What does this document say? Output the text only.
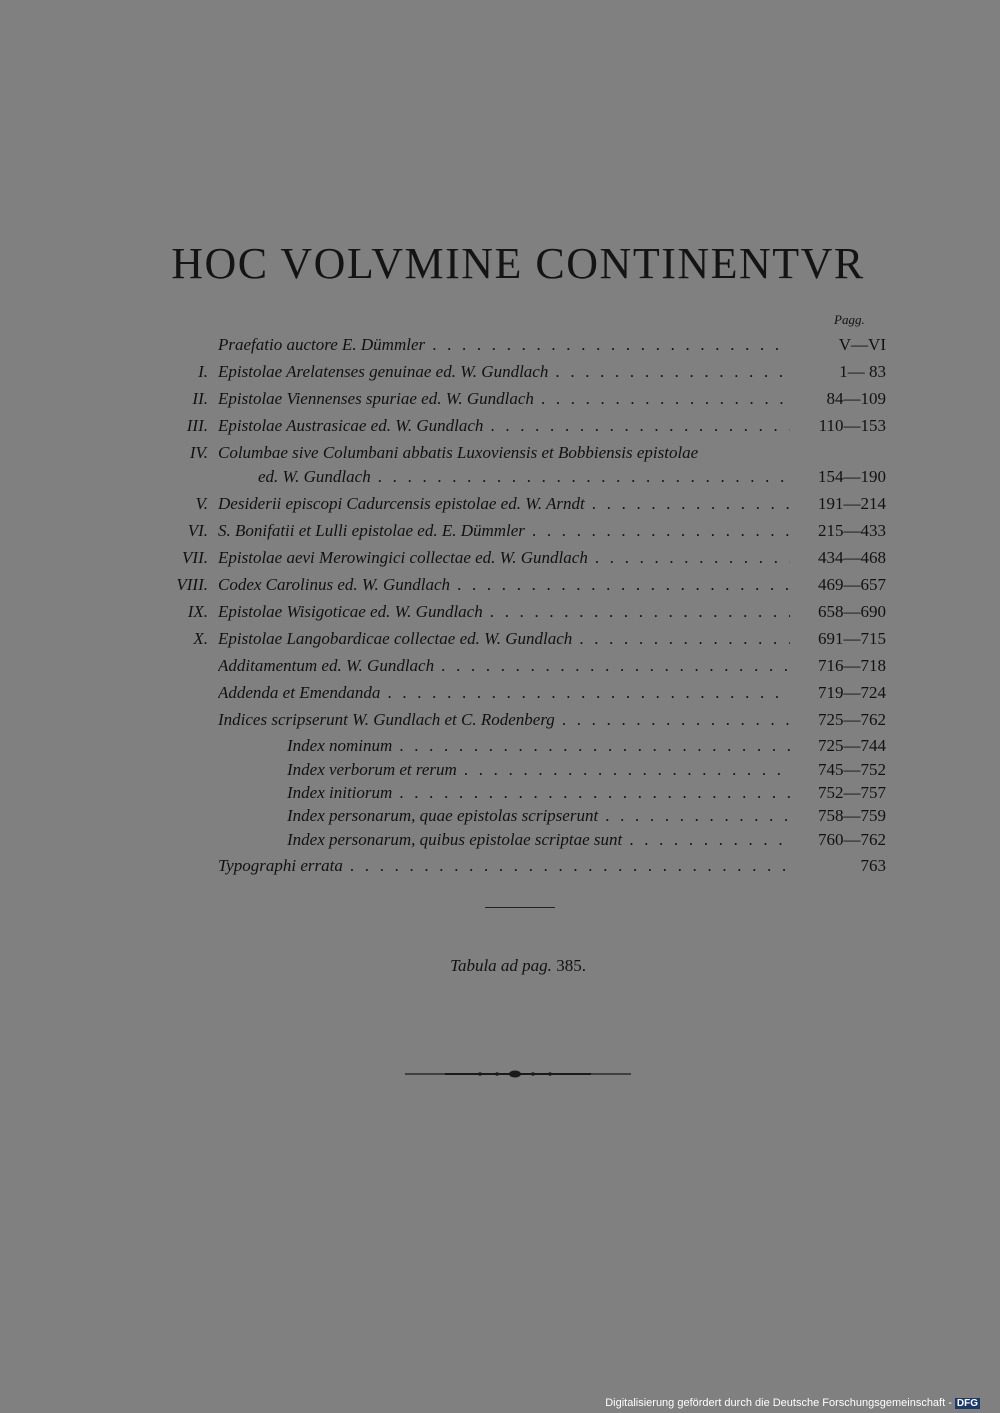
HOC VOLVMINE CONTINENTVR
Pagg.
Praefatio auctore E. Dümmler . . .	V—VI
I. Epistolae Arelatenses genuinae ed. W. Gundlach . . .	1— 83
II. Epistolae Viennenses spuriae ed. W. Gundlach . . .	84—109
III. Epistolae Austrasicae ed. W. Gundlach . . .	110—153
IV. Columbae sive Columbani abbatis Luxoviensis et Bobbiensis epistolae
ed. W. Gundlach . . .	154—190
V. Desiderii episcopi Cadurcensis epistolae ed. W. Arndt . . .	191—214
VI. S. Bonifatii et Lulli epistolae ed. E. Dümmler . . .	215—433
VII. Epistolae aevi Merowingici collectae ed. W. Gundlach . . .	434—468
VIII. Codex Carolinus ed. W. Gundlach . . .	469—657
IX. Epistolae Wisigoticae ed. W. Gundlach . . .	658—690
X. Epistolae Langobardicae collectae ed. W. Gundlach . . .	691—715
Additamentum ed. W. Gundlach . . .	716—718
Addenda et Emendanda . . .	719—724
Indices scripserunt W. Gundlach et C. Rodenberg . . .	725—762
Index nominum . . .	725—744
Index verborum et rerum . . .	745—752
Index initiorum . . .	752—757
Index personarum, quae epistolas scripserunt . . .	758—759
Index personarum, quibus epistolae scriptae sunt . . .	760—762
Typographi errata . . .	763
Tabula ad pag. 385.
Digitalisierung gefördert durch die Deutsche Forschungsgemeinschaft - DFG
